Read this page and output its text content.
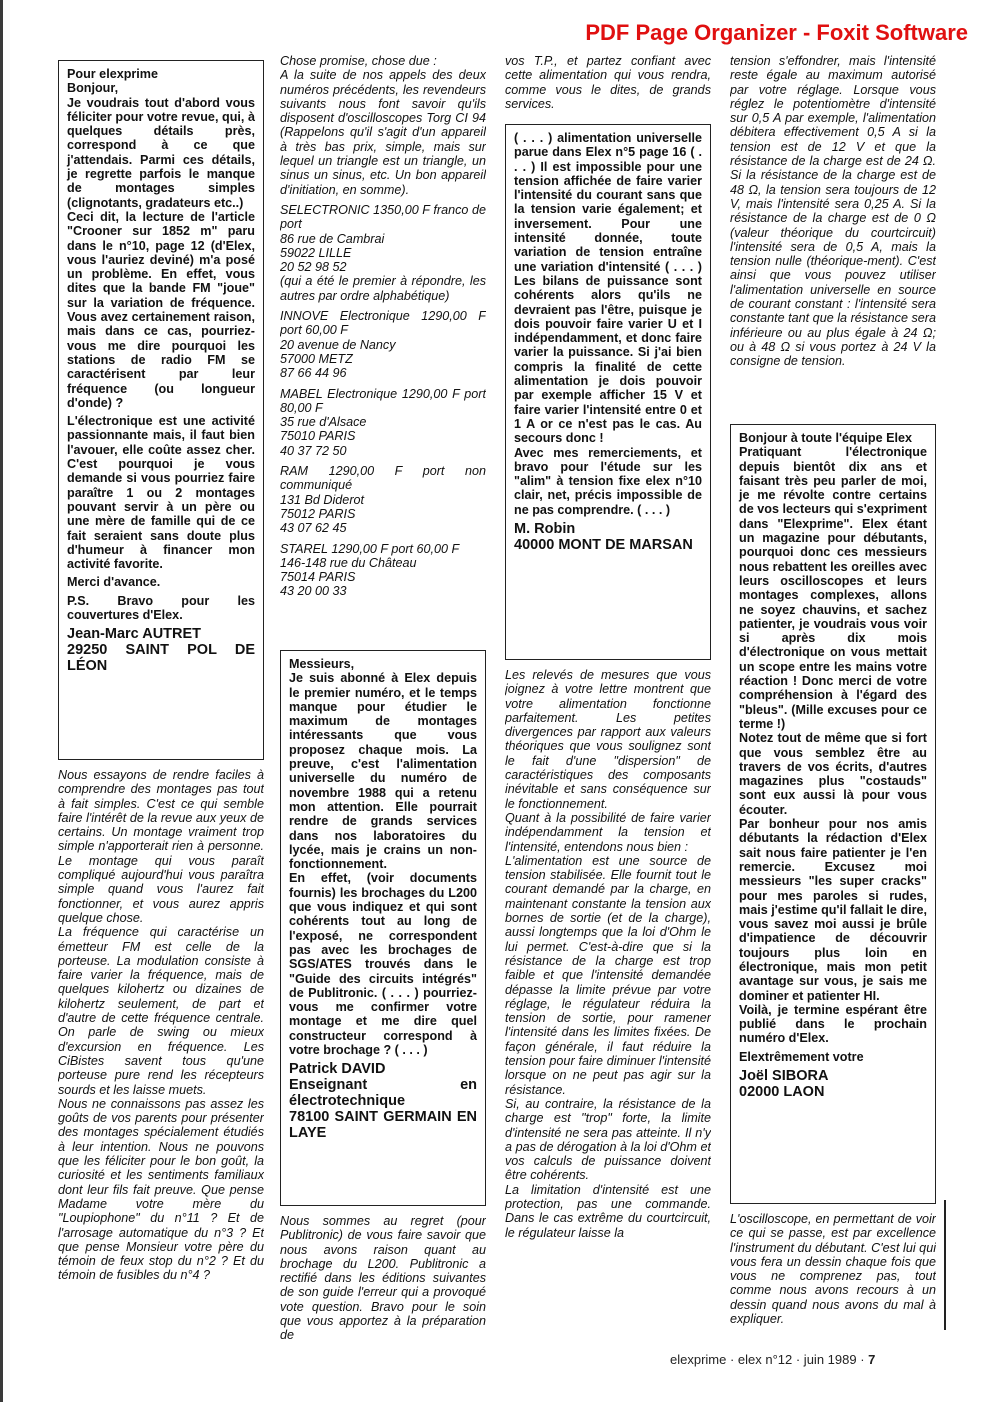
PDF Page Organizer - Foxit Software

Pour elexprime
Bonjour,
Je voudrais tout d'abord vous féliciter pour votre revue, qui, à quelques détails près, correspond à ce que j'attendais. Parmi ces détails, je regrette parfois le manque de montages simples (clignotants, gradateurs etc..)
Ceci dit, la lecture de l'article "Crooner sur 1852 m" paru dans le n°10, page 12 (d'Elex, vous l'auriez deviné) m'a posé un problème. En effet, vous dites que la bande FM "joue" sur la variation de fréquence. Vous avez certainement raison, mais dans ce cas, pourriez-vous me dire pourquoi les stations de radio FM se caractérisent par leur fréquence (ou longueur d'onde) ?

L'électronique est une activité passionnante mais, il faut bien l'avouer, elle coûte assez cher. C'est pourquoi je vous demande si vous pourriez faire paraître 1 ou 2 montages pouvant servir à un père ou une mère de famille qui de ce fait seraient sans doute plus d'humeur à financer mon activité favorite.

Merci d'avance.

P.S. Bravo pour les couvertures d'Elex.

Jean-Marc AUTRET
29250 SAINT POL DE LÉON

Nous essayons de rendre faciles à comprendre des montages pas tout à fait simples. C'est ce qui semble faire l'intérêt de la revue aux yeux de certains. Un montage vraiment trop simple n'apporterait rien à personne. Le montage qui vous paraît compliqué aujourd'hui vous paraîtra simple quand vous l'aurez fait fonctionner, et vous aurez appris quelque chose.
La fréquence qui caractérise un émetteur FM est celle de la porteuse. La modulation consiste à faire varier la fréquence, mais de quelques kilohertz ou dizaines de kilohertz seulement, de part et d'autre de cette fréquence centrale. On parle de swing ou mieux d'excursion en fréquence. Les CiBistes savent tous qu'une porteuse pure rend les récepteurs sourds et les laisse muets.
Nous ne connaissons pas assez les goûts de vos parents pour présenter des montages spécialement étudiés à leur intention. Nous ne pouvons que les féliciter pour le bon goût, la curiosité et les sentiments familiaux dont leur fils fait preuve. Que pense Madame votre mère du "Loupiophone" du n°11 ? Et de l'arrosage automatique du n°3 ? Et que pense Monsieur votre père du témoin de feux stop du n°2 ? Et du témoin de fusibles du n°4 ?

Chose promise, chose due :
A la suite de nos appels des deux numéros précédents, les revendeurs suivants nous font savoir qu'ils disposent d'oscilloscopes Torg CI 94 (Rappelons qu'il s'agit d'un appareil à très bas prix, simple, mais sur lequel un triangle est un triangle, un sinus un sinus, etc. Un bon appareil d'initiation, en somme).

SELECTRONIC 1350,00 F franco de port
86 rue de Cambrai
59022 LILLE
20 52 98 52
(qui a été le premier à répondre, les autres par ordre alphabétique)

INNOVE Electronique 1290,00 F port 60,00 F
20 avenue de Nancy
57000 METZ
87 66 44 96

MABEL Electronique 1290,00 F port 80,00 F
35 rue d'Alsace
75010 PARIS
40 37 72 50

RAM 1290,00 F port non communiqué
131 Bd Diderot
75012 PARIS
43 07 62 45

STAREL 1290,00 F port 60,00 F
146-148 rue du Château
75014 PARIS
43 20 00 33

Messieurs,
Je suis abonné à Elex depuis le premier numéro, et le temps manque pour étudier le maximum de montages intéressants que vous proposez chaque mois. La preuve, c'est l'alimentation universelle du numéro de novembre 1988 qui a retenu mon attention. Elle pourrait rendre de grands services dans nos laboratoires du lycée, mais je crains un non-fonctionnement.
En effet, (voir documents fournis) les brochages du L200 que vous indiquez et qui sont cohérents tout au long de l'exposé, ne correspondent pas avec les brochages de SGS/ATES trouvés dans le "Guide des circuits intégrés" de Publitronic. ( . . . ) pourriez-vous me confirmer votre montage et me dire quel constructeur correspond à votre brochage ? ( . . . )

Patrick DAVID
Enseignant en électrotechnique
78100 SAINT GERMAIN EN LAYE

Nous sommes au regret (pour Publitronic) de vous faire savoir que nous avons raison quant au brochage du L200. Publitronic a rectifié dans les éditions suivantes de son guide l'erreur qui a provoqué vote question. Bravo pour le soin que vous apportez à la préparation de

vos T.P., et partez confiant avec cette alimentation qui vous rendra, comme vous le dites, de grands services.

( . . . ) alimentation universelle parue dans Elex n°5 page 16 ( . . . ) Il est impossible pour une tension affichée de faire varier l'intensité du courant sans que la tension varie également; et inversement. Pour une intensité donnée, toute variation de tension entraîne une variation d'intensité ( . . . ) Les bilans de puissance sont cohérents alors qu'ils ne devraient pas l'être, puisque je dois pouvoir faire varier U et I indépendamment, et donc faire varier la puissance. Si j'ai bien compris la finalité de cette alimentation je dois pouvoir par exemple afficher 15 V et faire varier l'intensité entre 0 et 1 A or ce n'est pas le cas. Au secours donc !
Avec mes remerciements, et bravo pour l'étude sur les "alim" à tension fixe elex n°10 clair, net, précis impossible de ne pas comprendre. ( . . . )

M. Robin
40000 MONT DE MARSAN

Les relevés de mesures que vous joignez à votre lettre montrent que votre alimentation fonctionne parfaitement. Les petites divergences par rapport aux valeurs théoriques que vous soulignez sont le fait d'une "dispersion" de caractéristiques des composants inévitable et sans conséquence sur le fonctionnement.
Quant à la possibilité de faire varier indépendamment la tension et l'intensité, entendons nous bien :
L'alimentation est une source de tension stabilisée. Elle fournit tout le courant demandé par la charge, en maintenant constante la tension aux bornes de sortie (et de la charge), aussi longtemps que la loi d'Ohm le lui permet. C'est-à-dire que si la résistance de la charge est trop faible et que l'intensité demandée dépasse la limite prévue par votre réglage, le régulateur réduira la tension de sortie, pour ramener l'intensité dans les limites fixées. De façon générale, il faut réduire la tension pour faire diminuer l'intensité lorsque on ne peut pas agir sur la résistance.
Si, au contraire, la résistance de la charge est "trop" forte, la limite d'intensité ne sera pas atteinte. Il n'y a pas de dérogation à la loi d'Ohm et vos calculs de puissance doivent être cohérents.
La limitation d'intensité est une protection, pas une commande. Dans le cas extrême du courtcircuit, le régulateur laisse la

tension s'effondrer, mais l'intensité reste égale au maximum autorisé par votre réglage. Lorsque vous réglez le potentiomètre d'intensité sur 0,5 A par exemple, l'alimentation débitera effectivement 0,5 A si la tension est de 12 V et que la résistance de la charge est de 24 Ω. Si la résistance de la charge est de 48 Ω, la tension sera toujours de 12 V, mais l'intensité sera 0,25 A. Si la résistance de la charge est de 0 Ω (valeur théorique du courtcircuit) l'intensité sera de 0,5 A, mais la tension nulle (théorique-ment). C'est ainsi que vous pouvez utiliser l'alimentation universelle en source de courant constant : l'intensité sera constante tant que la résistance sera inférieure ou au plus égale à 24 Ω; ou à 48 Ω si vous portez à 24 V la consigne de tension.

Bonjour à toute l'équipe Elex
Pratiquant l'électronique depuis bientôt dix ans et faisant très peu parler de moi, je me révolte contre certains de vos lecteurs qui s'expriment dans "Elexprime". Elex étant un magazine pour débutants, pourquoi donc ces messieurs nous rebattent les oreilles avec leurs oscilloscopes et leurs montages complexes, allons ne soyez chauvins, et sachez patienter, je voudrais vous voir si après dix mois d'électronique on vous mettait un scope entre les mains votre réaction ! Donc merci de votre compréhension à l'égard des "bleus". (Mille excuses pour ce terme !)
Notez tout de même que si fort que vous semblez être au travers de vos écrits, d'autres magazines plus "costauds" sont eux aussi là pour vous écouter.
Par bonheur pour nos amis débutants la rédaction d'Elex sait nous faire patienter je l'en remercie. Excusez moi messieurs "les super cracks" pour mes paroles si rudes, mais j'estime qu'il fallait le dire, vous savez moi aussi je brûle d'impatience de découvrir toujours plus loin en électronique, mais mon petit avantage sur vous, je sais me dominer et patienter HI.
Voilà, je termine espérant être publié dans le prochain numéro d'Elex.

Elextrêmement votre

Joël SIBORA
02000 LAON

L'oscilloscope, en permettant de voir ce qui se passe, est par excellence l'instrument du débutant. C'est lui qui vous fera un dessin chaque fois que vous ne comprenez pas, tout comme nous avons recours à un dessin quand nous avons du mal à expliquer.

elexprime · elex n°12 · juin 1989 · 7
